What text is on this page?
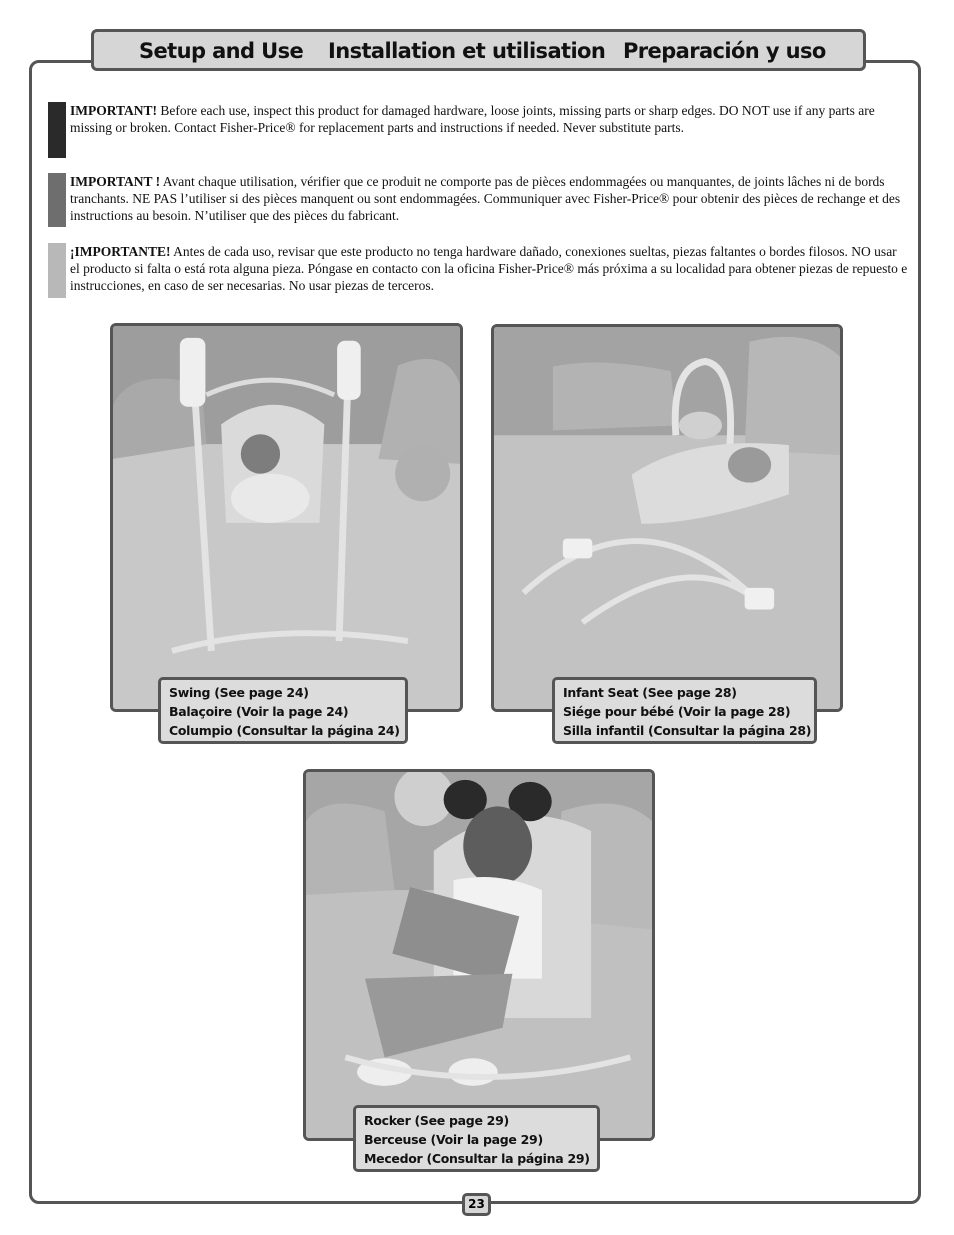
Setup and Use Installation et utilisation Preparación y uso
IMPORTANT! Before each use, inspect this product for damaged hardware, loose joints, missing parts or sharp edges. DO NOT use if any parts are missing or broken. Contact Fisher-Price® for replacement parts and instructions if needed. Never substitute parts.
IMPORTANT ! Avant chaque utilisation, vérifier que ce produit ne comporte pas de pièces endommagées ou manquantes, de joints lâches ni de bords tranchants. NE PAS l’utiliser si des pièces manquent ou sont endommagées. Communiquer avec Fisher-Price® pour obtenir des pièces de rechange et des instructions au besoin. N’utiliser que des pièces du fabricant.
¡IMPORTANTE! Antes de cada uso, revisar que este producto no tenga hardware dañado, conexiones sueltas, piezas faltantes o bordes filosos. NO usar el producto si falta o está rota alguna pieza. Póngase en contacto con la oficina Fisher-Price® más próxima a su localidad para obtener piezas de repuesto e instrucciones, en caso de ser necesarias. No usar piezas de terceros.
Swing (See page 24)
Balaçoire (Voir la page 24)
Columpio (Consultar la página 24)
Infant Seat (See page 28)
Siége pour bébé (Voir la page 28)
Silla infantil (Consultar la página 28)
Rocker (See page 29)
Berceuse (Voir la page 29)
Mecedor (Consultar la página 29)
23
